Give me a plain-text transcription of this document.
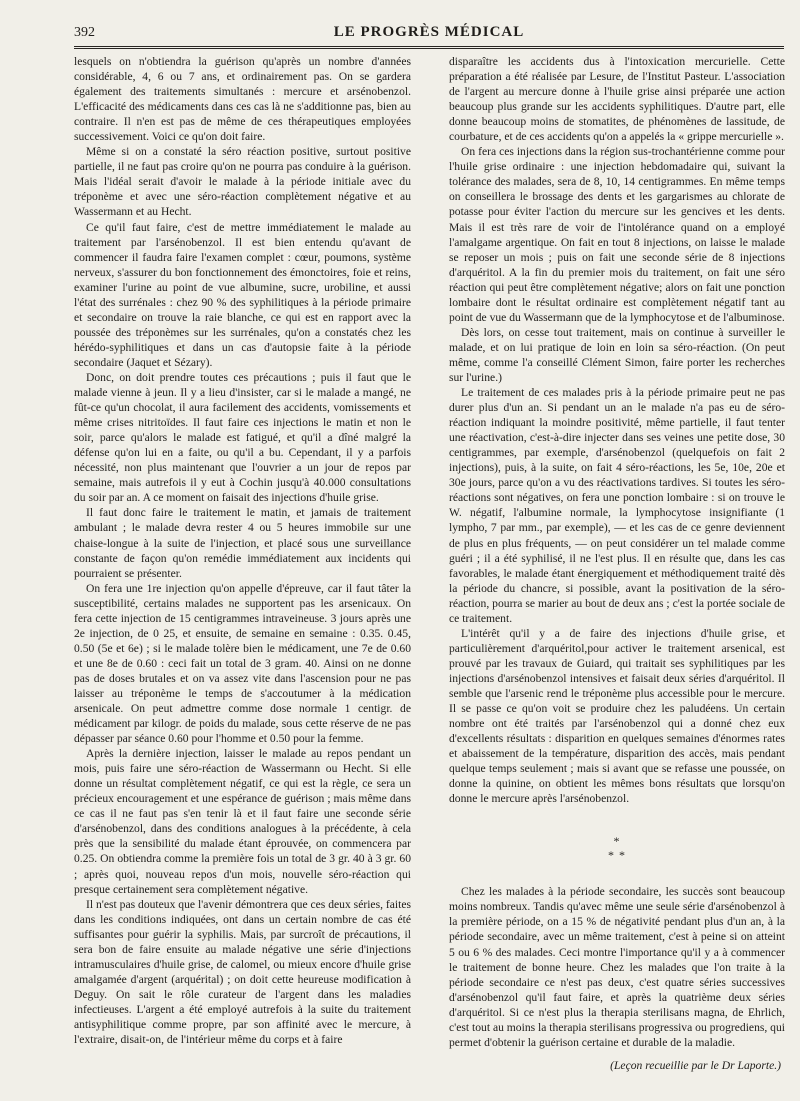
392	LE PROGRÈS MÉDICAL

lesquels on n'obtiendra la guérison qu'après un nombre d'années considérable, 4, 6 ou 7 ans, et ordinairement pas. On se gardera également des traitements simultanés : mercure et arsénobenzol. L'efficacité des médicaments dans ces cas là ne s'additionne pas, bien au contraire. Il n'en est pas de même de ces thérapeutiques employées successivement. Voici ce qu'on doit faire.

Même si on a constaté la séro réaction positive, surtout positive partielle, il ne faut pas croire qu'on ne pourra pas conduire à la guérison. Mais l'idéal serait d'avoir le malade à la période initiale avec du tréponème et avec une séro-réaction complètement négative et au Wassermann et au Hecht.

Ce qu'il faut faire, c'est de mettre immédiatement le malade au traitement par l'arsénobenzol. Il est bien entendu qu'avant de commencer il faudra faire l'examen complet : cœur, poumons, système nerveux, s'assurer du bon fonctionnement des émonctoires, foie et reins, examiner l'urine au point de vue albumine, sucre, urobiline, et aussi l'état des surrénales : chez 90 % des syphilitiques à la période primaire et secondaire on trouve la raie blanche, ce qui est en rapport avec la poussée des tréponèmes sur les surrénales, qu'on a constatés chez les hérédo-syphilitiques et dans un cas d'autopsie faite à la période secondaire (Jaquet et Sézary).

Donc, on doit prendre toutes ces précautions ; puis il faut que le malade vienne à jeun. Il y a lieu d'insister, car si le malade a mangé, ne fût-ce qu'un chocolat, il aura facilement des accidents, vomissements et même crises nitritoïdes. Il faut faire ces injections le matin et non le soir, parce qu'alors le malade est fatigué, et qu'il a dîné malgré la défense qu'on lui en a faite, ou qu'il a bu. Cependant, il y a parfois nécessité, non plus maintenant que l'ouvrier a un jour de repos par semaine, mais autrefois il y eut à Cochin jusqu'à 40.000 consultations du soir par an. A ce moment on faisait des injections d'huile grise.

Il faut donc faire le traitement le matin, et jamais de traitement ambulant ; le malade devra rester 4 ou 5 heures immobile sur une chaise-longue à la suite de l'injection, et placé sous une surveillance constante de façon qu'on remédie immédiatement aux incidents qui pourraient se présenter.

On fera une 1re injection qu'on appelle d'épreuve, car il faut tâter la susceptibilité, certains malades ne supportent pas les arsenicaux. On fera cette injection de 15 centigrammes intraveineuse. 3 jours après une 2e injection, de 0 25, et ensuite, de semaine en semaine : 0.35. 0.45, 0.50 (5e et 6e) ; si le malade tolère bien le médicament, une 7e de 0.60 et une 8e de 0.60 : ceci fait un total de 3 gram. 40. Ainsi on ne donne pas de doses brutales et on va assez vite dans l'ascension pour ne pas laisser au tréponème le temps de s'accoutumer à la médication arsenicale. On peut admettre comme dose normale 1 centigr. de médicament par kilogr. de poids du malade, sous cette réserve de ne pas dépasser par séance 0.60 pour l'homme et 0.50 pour la femme.

Après la dernière injection, laisser le malade au repos pendant un mois, puis faire une séro-réaction de Wassermann ou Hecht. Si elle donne un résultat complètement négatif, ce qui est la règle, ce sera un précieux encouragement et une espérance de guérison ; mais même dans ce cas il ne faut pas s'en tenir là et il faut faire une seconde série d'arsénobenzol, dans des conditions analogues à la précédente, à cela près que la sensibilité du malade étant éprouvée, on commencera par 0.25. On obtiendra comme la première fois un total de 3 gr. 40 à 3 gr. 60 ; après quoi, nouveau repos d'un mois, nouvelle séro-réaction qui presque certainement sera complètement négative.

Il n'est pas douteux que l'avenir démontrera que ces deux séries, faites dans les conditions indiquées, ont dans un certain nombre de cas été suffisantes pour guérir la syphilis. Mais, par surcroît de précautions, il sera bon de faire ensuite au malade négative une série d'injections intramusculaires d'huile grise, de calomel, ou mieux encore d'huile grise amalgamée d'argent (arquérital) ; on doit cette heureuse modification à Deguy. On sait le rôle curateur de l'argent dans les maladies infectieuses. L'argent a été employé autrefois à la suite du traitement antisyphilitique comme propre, par son affinité avec le mercure, à l'extraire, disait-on, de l'intérieur même du corps et à faire

disparaître les accidents dus à l'intoxication mercurielle. Cette préparation a été réalisée par Lesure, de l'Institut Pasteur. L'association de l'argent au mercure donne à l'huile grise ainsi préparée une action beaucoup plus grande sur les accidents syphilitiques. D'autre part, elle donne beaucoup moins de stomatites, de phénomènes de lassitude, de courbature, et de ces accidents qu'on a appelés la « grippe mercurielle ».

On fera ces injections dans la région sus-trochantérienne comme pour l'huile grise ordinaire : une injection hebdomadaire qui, suivant la tolérance des malades, sera de 8, 10, 14 centigrammes. En même temps on conseillera le brossage des dents et les gargarismes au chlorate de potasse pour éviter l'action du mercure sur les gencives et les dents. Mais il est très rare de voir de l'intolérance quand on a employé l'amalgame argentique. On fait en tout 8 injections, on laisse le malade se reposer un mois ; puis on fait une seconde série de 8 injections d'arquéritol. A la fin du premier mois du traitement, on fait une séro réaction qui peut être complètement négative; alors on fait une ponction lombaire dont le résultat ordinaire est complètement négatif tant au point de vue du Wassermann que de la lymphocytose et de l'albuminose.

Dès lors, on cesse tout traitement, mais on continue à surveiller le malade, et on lui pratique de loin en loin sa séro-réaction. (On peut même, comme l'a conseillé Clément Simon, faire porter les recherches sur l'urine.)

Le traitement de ces malades pris à la période primaire peut ne pas durer plus d'un an. Si pendant un an le malade n'a pas eu de séro-réaction indiquant la moindre positivité, même partielle, il faut tenter une réactivation, c'est-à-dire injecter dans ses veines une petite dose, 30 centigrammes, par exemple, d'arsénobenzol (quelquefois on fait 2 injections), puis, à la suite, on fait 4 séro-réactions, les 5e, 10e, 20e et 30e jours, parce qu'on a vu des réactivations tardives. Si toutes les séro-réactions sont négatives, on fera une ponction lombaire : si on trouve le W. négatif, l'albumine normale, la lymphocytose insignifiante (1 lympho, 7 par mm., par exemple), — et les cas de ce genre deviennent de plus en plus fréquents, — on peut considérer un tel malade comme guéri ; il a été syphilisé, il ne l'est plus. Il en résulte que, dans les cas favorables, le malade étant énergiquement et méthodiquement traité dès la période du chancre, si possible, avant la positivation de la séro-réaction, pourra se marier au bout de deux ans ; c'est la portée sociale de ce traitement.

L'intérêt qu'il y a de faire des injections d'huile grise, et particulièrement d'arquéritol,pour activer le traitement arsenical, est prouvé par les travaux de Guiard, qui traitait ses syphilitiques par les injections d'arsénobenzol intensives et faisait deux séries d'arquéritol. Il semble que l'arsenic rend le tréponème plus accessible pour le mercure. Il se passe ce qu'on voit se produire chez les paludéens. Un certain nombre ont été traités par l'arsénobenzol qui a donné chez eux d'excellents résultats : disparition en quelques semaines d'énormes rates et abaissement de la température, disparition des accès, mais pendant quelque temps seulement ; mais si avant que se refasse une poussée, on donne la quinine, on obtient les mêmes bons résultats que lorsqu'on donne le mercure après l'arsénobenzol.

*
* *

Chez les malades à la période secondaire, les succès sont beaucoup moins nombreux. Tandis qu'avec même une seule série d'arsénobenzol à la première période, on a 15 % de négativité pendant plus d'un an, à la période secondaire, avec un même traitement, c'est à peine si on atteint 5 ou 6 % des malades. Ceci montre l'importance qu'il y a à commencer le traitement de bonne heure. Chez les malades que l'on traite à la période secondaire ce n'est pas deux, c'est quatre séries successives d'arsénobenzol qu'il faut faire, et après la quatrième deux séries d'arquéritol. Si ce n'est plus la therapia sterilisans magna, de Ehrlich, c'est tout au moins la therapia sterilisans progressiva ou progrediens, qui permet d'obtenir la guérison certaine et durable de la maladie.

(Leçon recueillie par le Dr Laporte.)
